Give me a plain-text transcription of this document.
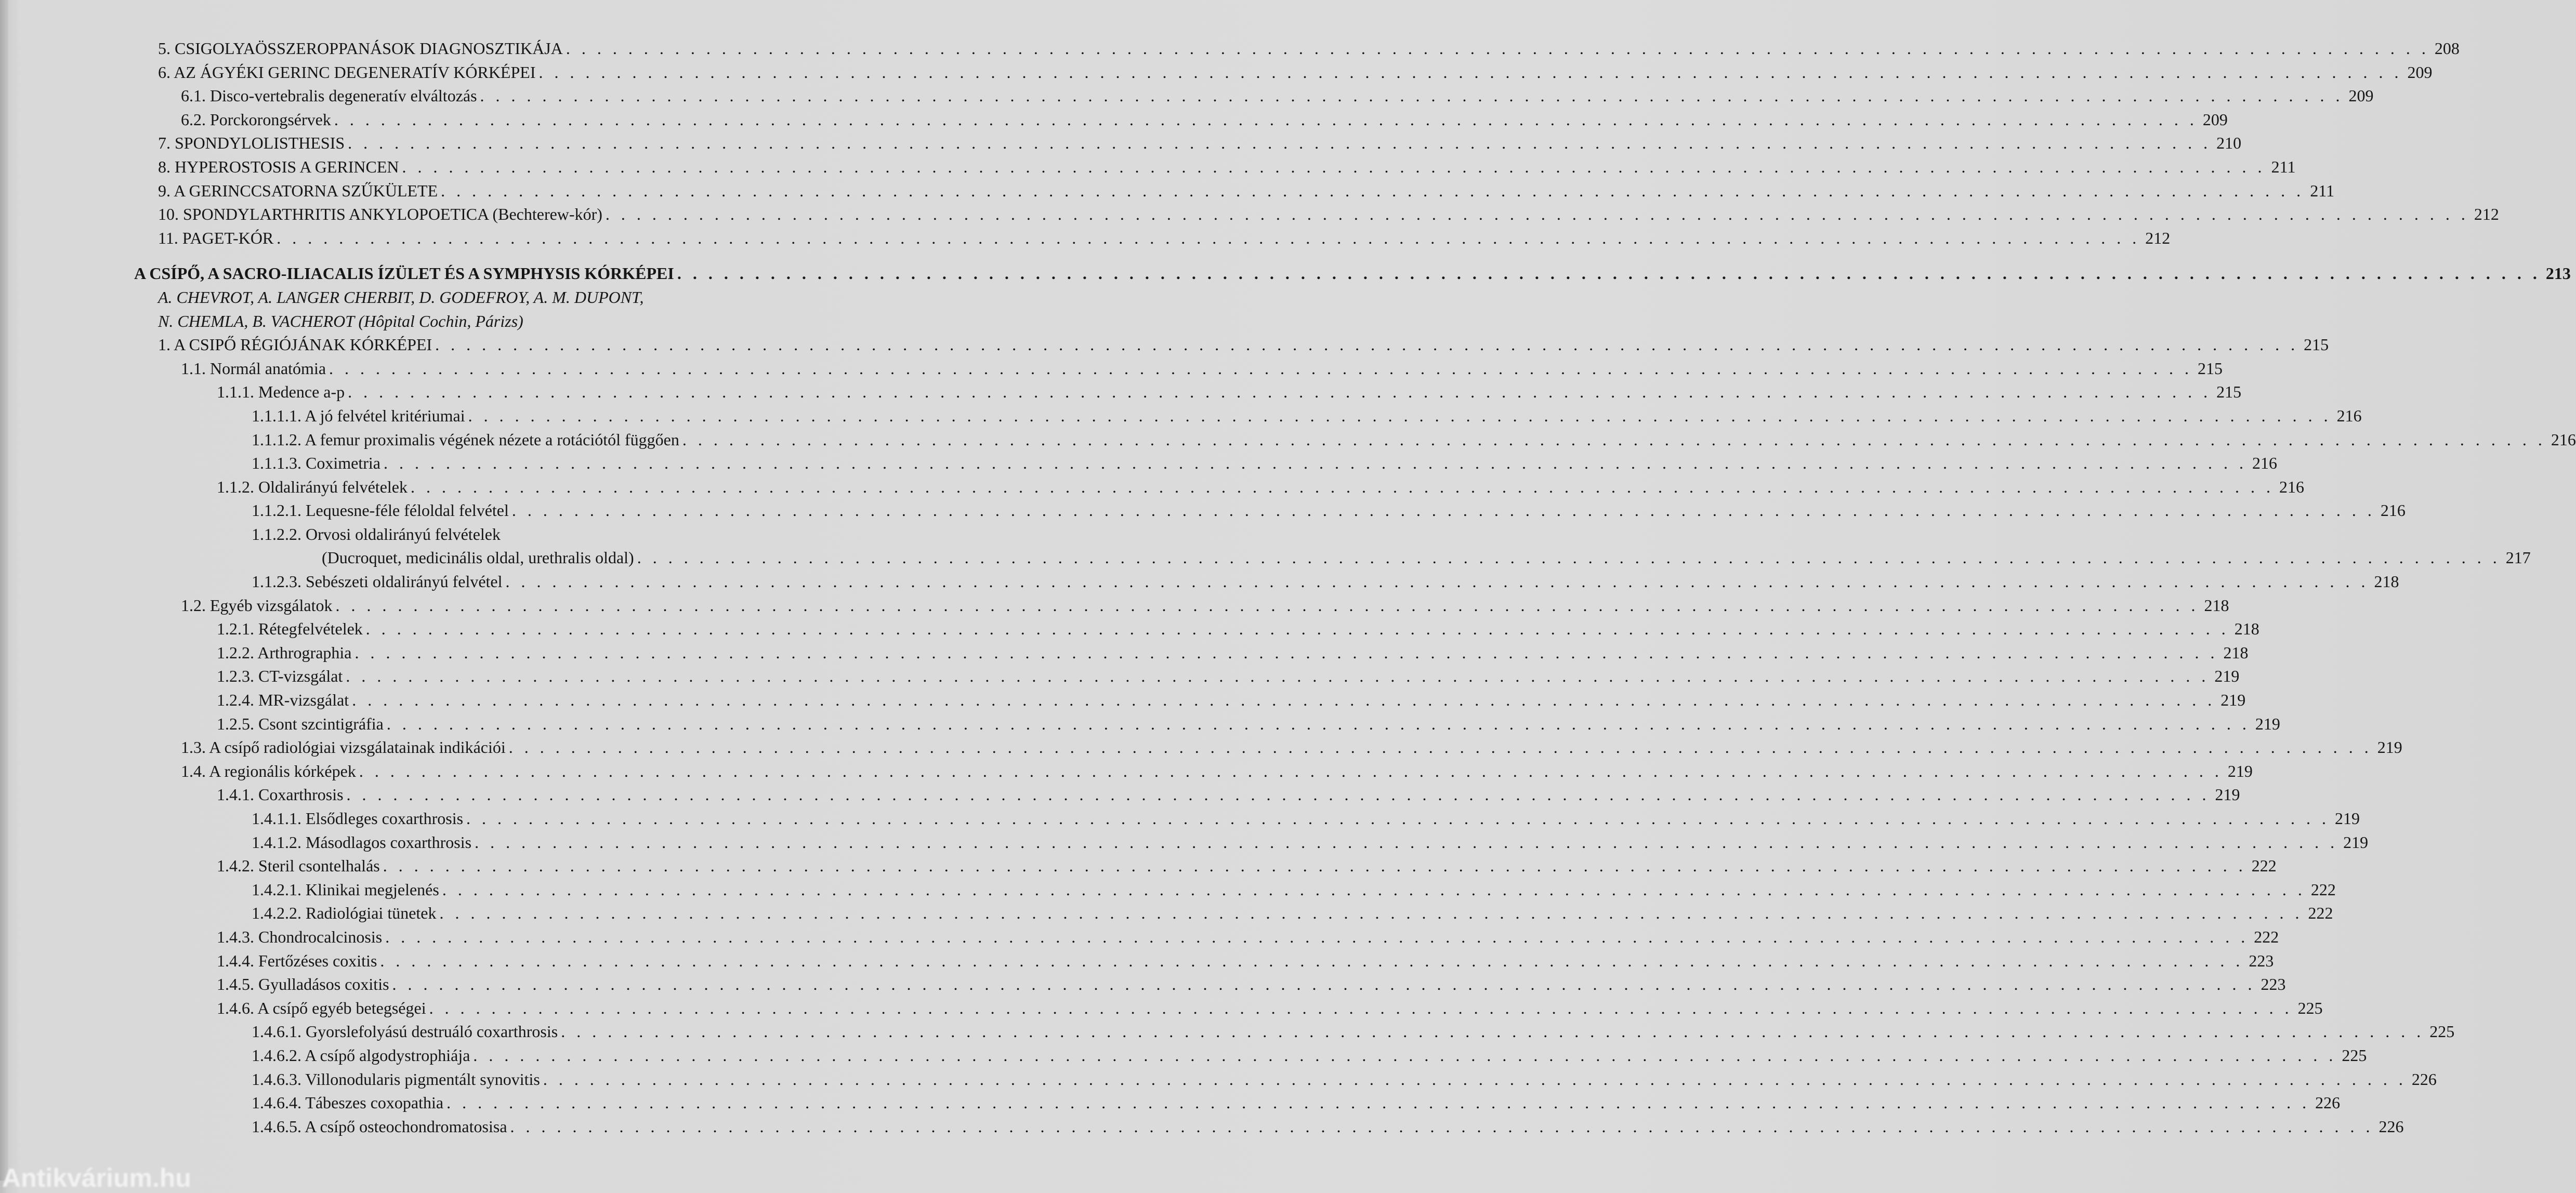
5. CSIGOLYAÖSSZEROPPANÁSOK DIAGNOSZTIKÁJA . . . . . . . . . . . . . . . . . . . . . . . . . . . . . . . . . . . . . . . . . . . . . . . . . . . . . . . . . . . . . . . . . . . . . . . . . . . . . . . . . . . . . . . . . . . . . . . . . . . . . . . . . . . . . . . . . . . . . . . . 208
6. AZ ÁGYÉKI GERINC DEGENERATÍV KÓRKÉPEI . . . . . . . . . . . . . . . . . . . . . . . . . . . . . . . . . . . . . . . . . . . . . . . . . . . . . . . . . . . . . . . . . . . . . . . . . . . . . . . . . . . . . . . . . . . . . . . . . . . . . . . . . . . . . . . . . . . . . . . . 209
6.1. Disco-vertebralis degeneratív elváltozás . . . . . . . . . . . . . . . . . . . . . . . . . . . . . . . . . . . . . . . . . . . . . . . . . . . . . . . . . . . . . . . . . . . . . . . . . . . . . . . . . . . . . . . . . . . . . . . . . . . . . . . . . . . . . . . . . . . . . . . . 209
6.2. Porckorongsérvek . . . . . . . . . . . . . . . . . . . . . . . . . . . . . . . . . . . . . . . . . . . . . . . . . . . . . . . . . . . . . . . . . . . . . . . . . . . . . . . . . . . . . . . . . . . . . . . . . . . . . . . . . . . . . . . . . . . . . . . . 209
7. SPONDYLOLISTHESIS . . . . . . . . . . . . . . . . . . . . . . . . . . . . . . . . . . . . . . . . . . . . . . . . . . . . . . . . . . . . . . . . . . . . . . . . . . . . . . . . . . . . . . . . . . . . . . . . . . . . . . . . . . . . . . . . . . . . . . . . 210
8. HYPEROSTOSIS A GERINCEN . . . . . . . . . . . . . . . . . . . . . . . . . . . . . . . . . . . . . . . . . . . . . . . . . . . . . . . . . . . . . . . . . . . . . . . . . . . . . . . . . . . . . . . . . . . . . . . . . . . . . . . . . . . . . . . . . . . . . . . . 211
9. A GERINCCSATORNA SZŰKÜLETE . . . . . . . . . . . . . . . . . . . . . . . . . . . . . . . . . . . . . . . . . . . . . . . . . . . . . . . . . . . . . . . . . . . . . . . . . . . . . . . . . . . . . . . . . . . . . . . . . . . . . . . . . . . . . . . . . . . . . . . . 211
10. SPONDYLARTHRITIS ANKYLOPOETICA (Bechterew-kór) . . . . . . . . . . . . . . . . . . . . . . . . . . . . . . . . . . . . . . . . . . . . . . . . . . . . . . . . . . . . . . . . . . . . . . . . . . . . . . . . . . . . . . . . . . . . . . . . . . . . . . . . . . . . . . . . . . . . . . . . 212
11. PAGET-KÓR . . . . . . . . . . . . . . . . . . . . . . . . . . . . . . . . . . . . . . . . . . . . . . . . . . . . . . . . . . . . . . . . . . . . . . . . . . . . . . . . . . . . . . . . . . . . . . . . . . . . . . . . . . . . . . . . . . . . . . . . 212
A CSÍPŐ, A SACRO-ILIACALIS ÍZÜLET ÉS A SYMPHYSIS KÓRKÉPEI . . . . . . . . . . . . . . . . . . . . . . . . . . . . . . . . . . . . . . . . . . . . . . . . . . . . . . . . . . . . . . . . . . . . . . . . . . . . . . . . . . . . . . . . . . . . . . . . . . . . . . . . . . . . . . . . . . . . . . . . 213
A. CHEVROT, A. LANGER CHERBIT, D. GODEFROY, A. M. DUPONT,
N. CHEMLA, B. VACHEROT (Hôpital Cochin, Párizs)
1. A CSIPŐ RÉGIÓJÁNAK KÓRKÉPEI . . . . . . . . . . . . . . . . . . . . . . . . . . . . . . . . . . . . . . . . . . . . . . . . . . . . . . . . . . . . . . . . . . . . . . . . . . . . . . . . . . . . . . . . . . . . . . . . . . . . . . . . . . . . . . . . . . . . . . . . 215
1.1. Normál anatómia . . . . . . . . . . . . . . . . . . . . . . . . . . . . . . . . . . . . . . . . . . . . . . . . . . . . . . . . . . . . . . . . . . . . . . . . . . . . . . . . . . . . . . . . . . . . . . . . . . . . . . . . . . . . . . . . . . . . . . . . 215
1.1.1. Medence a-p . . . . . . . . . . . . . . . . . . . . . . . . . . . . . . . . . . . . . . . . . . . . . . . . . . . . . . . . . . . . . . . . . . . . . . . . . . . . . . . . . . . . . . . . . . . . . . . . . . . . . . . . . . . . . . . . . . . . . . . . 215
1.1.1.1. A jó felvétel kritériumai . . . . . . . . . . . . . . . . . . . . . . . . . . . . . . . . . . . . . . . . . . . . . . . . . . . . . . . . . . . . . . . . . . . . . . . . . . . . . . . . . . . . . . . . . . . . . . . . . . . . . . . . . . . . . . . . . . . . . . . . 216
1.1.1.2. A femur proximalis végének nézete a rotációtól függően . . . . . . . . . . . . . . . . . . . . . . . . . . . . . . . . . . . . . . . . . . . . . . . . . . . . . . . . . . . . . . . . . . . . . . . . . . . . . . . . . . . . . . . . . . . . . . . . . . . . . . . . . . . . . . . . . . . . . . . . 216
1.1.1.3. Coximetria . . . . . . . . . . . . . . . . . . . . . . . . . . . . . . . . . . . . . . . . . . . . . . . . . . . . . . . . . . . . . . . . . . . . . . . . . . . . . . . . . . . . . . . . . . . . . . . . . . . . . . . . . . . . . . . . . . . . . . . . 216
1.1.2. Oldalirányú felvételek . . . . . . . . . . . . . . . . . . . . . . . . . . . . . . . . . . . . . . . . . . . . . . . . . . . . . . . . . . . . . . . . . . . . . . . . . . . . . . . . . . . . . . . . . . . . . . . . . . . . . . . . . . . . . . . . . . . . . . . . 216
1.1.2.1. Lequesne-féle féloldal felvétel . . . . . . . . . . . . . . . . . . . . . . . . . . . . . . . . . . . . . . . . . . . . . . . . . . . . . . . . . . . . . . . . . . . . . . . . . . . . . . . . . . . . . . . . . . . . . . . . . . . . . . . . . . . . . . . . . . . . . . . . 216
1.1.2.2. Orvosi oldalirányú felvételek
(Ducroquet, medicinális oldal, urethralis oldal) . . . . . . . . . . . . . . . . . . . . . . . . . . . . . . . . . . . . . . . . . . . . . . . . . . . . . . . . . . . . . . . . . . . . . . . . . . . . . . . . . . . . . . . . . . . . . . . . . . . . . . . . . . . . . . . . . . . . . . . . 217
1.1.2.3. Sebészeti oldalirányú felvétel . . . . . . . . . . . . . . . . . . . . . . . . . . . . . . . . . . . . . . . . . . . . . . . . . . . . . . . . . . . . . . . . . . . . . . . . . . . . . . . . . . . . . . . . . . . . . . . . . . . . . . . . . . . . . . . . . . . . . . . . 218
1.2. Egyéb vizsgálatok . . . . . . . . . . . . . . . . . . . . . . . . . . . . . . . . . . . . . . . . . . . . . . . . . . . . . . . . . . . . . . . . . . . . . . . . . . . . . . . . . . . . . . . . . . . . . . . . . . . . . . . . . . . . . . . . . . . . . . . . 218
1.2.1. Rétegfelvételek . . . . . . . . . . . . . . . . . . . . . . . . . . . . . . . . . . . . . . . . . . . . . . . . . . . . . . . . . . . . . . . . . . . . . . . . . . . . . . . . . . . . . . . . . . . . . . . . . . . . . . . . . . . . . . . . . . . . . . . . 218
1.2.2. Arthrographia . . . . . . . . . . . . . . . . . . . . . . . . . . . . . . . . . . . . . . . . . . . . . . . . . . . . . . . . . . . . . . . . . . . . . . . . . . . . . . . . . . . . . . . . . . . . . . . . . . . . . . . . . . . . . . . . . . . . . . . . 218
1.2.3. CT-vizsgálat . . . . . . . . . . . . . . . . . . . . . . . . . . . . . . . . . . . . . . . . . . . . . . . . . . . . . . . . . . . . . . . . . . . . . . . . . . . . . . . . . . . . . . . . . . . . . . . . . . . . . . . . . . . . . . . . . . . . . . . . 219
1.2.4. MR-vizsgálat . . . . . . . . . . . . . . . . . . . . . . . . . . . . . . . . . . . . . . . . . . . . . . . . . . . . . . . . . . . . . . . . . . . . . . . . . . . . . . . . . . . . . . . . . . . . . . . . . . . . . . . . . . . . . . . . . . . . . . . . 219
1.2.5. Csont szcintigráfia . . . . . . . . . . . . . . . . . . . . . . . . . . . . . . . . . . . . . . . . . . . . . . . . . . . . . . . . . . . . . . . . . . . . . . . . . . . . . . . . . . . . . . . . . . . . . . . . . . . . . . . . . . . . . . . . . . . . . . . . 219
1.3. A csípő radiológiai vizsgálatainak indikációi . . . . . . . . . . . . . . . . . . . . . . . . . . . . . . . . . . . . . . . . . . . . . . . . . . . . . . . . . . . . . . . . . . . . . . . . . . . . . . . . . . . . . . . . . . . . . . . . . . . . . . . . . . . . . . . . . . . . . . . . 219
1.4. A regionális kórképek . . . . . . . . . . . . . . . . . . . . . . . . . . . . . . . . . . . . . . . . . . . . . . . . . . . . . . . . . . . . . . . . . . . . . . . . . . . . . . . . . . . . . . . . . . . . . . . . . . . . . . . . . . . . . . . . . . . . . . . . 219
1.4.1. Coxarthrosis . . . . . . . . . . . . . . . . . . . . . . . . . . . . . . . . . . . . . . . . . . . . . . . . . . . . . . . . . . . . . . . . . . . . . . . . . . . . . . . . . . . . . . . . . . . . . . . . . . . . . . . . . . . . . . . . . . . . . . . . 219
1.4.1.1. Elsődleges coxarthrosis . . . . . . . . . . . . . . . . . . . . . . . . . . . . . . . . . . . . . . . . . . . . . . . . . . . . . . . . . . . . . . . . . . . . . . . . . . . . . . . . . . . . . . . . . . . . . . . . . . . . . . . . . . . . . . . . . . . . . . . . 219
1.4.1.2. Másodlagos coxarthrosis . . . . . . . . . . . . . . . . . . . . . . . . . . . . . . . . . . . . . . . . . . . . . . . . . . . . . . . . . . . . . . . . . . . . . . . . . . . . . . . . . . . . . . . . . . . . . . . . . . . . . . . . . . . . . . . . . . . . . . . . 219
1.4.2. Steril csontelhalás . . . . . . . . . . . . . . . . . . . . . . . . . . . . . . . . . . . . . . . . . . . . . . . . . . . . . . . . . . . . . . . . . . . . . . . . . . . . . . . . . . . . . . . . . . . . . . . . . . . . . . . . . . . . . . . . . . . . . . . . 222
1.4.2.1. Klinikai megjelenés . . . . . . . . . . . . . . . . . . . . . . . . . . . . . . . . . . . . . . . . . . . . . . . . . . . . . . . . . . . . . . . . . . . . . . . . . . . . . . . . . . . . . . . . . . . . . . . . . . . . . . . . . . . . . . . . . . . . . . . . 222
1.4.2.2. Radiológiai tünetek . . . . . . . . . . . . . . . . . . . . . . . . . . . . . . . . . . . . . . . . . . . . . . . . . . . . . . . . . . . . . . . . . . . . . . . . . . . . . . . . . . . . . . . . . . . . . . . . . . . . . . . . . . . . . . . . . . . . . . . . 222
1.4.3. Chondrocalcinosis . . . . . . . . . . . . . . . . . . . . . . . . . . . . . . . . . . . . . . . . . . . . . . . . . . . . . . . . . . . . . . . . . . . . . . . . . . . . . . . . . . . . . . . . . . . . . . . . . . . . . . . . . . . . . . . . . . . . . . . . 222
1.4.4. Fertőzéses coxitis . . . . . . . . . . . . . . . . . . . . . . . . . . . . . . . . . . . . . . . . . . . . . . . . . . . . . . . . . . . . . . . . . . . . . . . . . . . . . . . . . . . . . . . . . . . . . . . . . . . . . . . . . . . . . . . . . . . . . . . . 223
1.4.5. Gyulladásos coxitis . . . . . . . . . . . . . . . . . . . . . . . . . . . . . . . . . . . . . . . . . . . . . . . . . . . . . . . . . . . . . . . . . . . . . . . . . . . . . . . . . . . . . . . . . . . . . . . . . . . . . . . . . . . . . . . . . . . . . . . . 223
1.4.6. A csípő egyéb betegségei . . . . . . . . . . . . . . . . . . . . . . . . . . . . . . . . . . . . . . . . . . . . . . . . . . . . . . . . . . . . . . . . . . . . . . . . . . . . . . . . . . . . . . . . . . . . . . . . . . . . . . . . . . . . . . . . . . . . . . . . 225
1.4.6.1. Gyorslefolyású destruáló coxarthrosis . . . . . . . . . . . . . . . . . . . . . . . . . . . . . . . . . . . . . . . . . . . . . . . . . . . . . . . . . . . . . . . . . . . . . . . . . . . . . . . . . . . . . . . . . . . . . . . . . . . . . . . . . . . . . . . . . . . . . . . . 225
1.4.6.2. A csípő algodystrophiája . . . . . . . . . . . . . . . . . . . . . . . . . . . . . . . . . . . . . . . . . . . . . . . . . . . . . . . . . . . . . . . . . . . . . . . . . . . . . . . . . . . . . . . . . . . . . . . . . . . . . . . . . . . . . . . . . . . . . . . . 225
1.4.6.3. Villonodularis pigmentált synovitis . . . . . . . . . . . . . . . . . . . . . . . . . . . . . . . . . . . . . . . . . . . . . . . . . . . . . . . . . . . . . . . . . . . . . . . . . . . . . . . . . . . . . . . . . . . . . . . . . . . . . . . . . . . . . . . . . . . . . . . . 226
1.4.6.4. Tábeszes coxopathia . . . . . . . . . . . . . . . . . . . . . . . . . . . . . . . . . . . . . . . . . . . . . . . . . . . . . . . . . . . . . . . . . . . . . . . . . . . . . . . . . . . . . . . . . . . . . . . . . . . . . . . . . . . . . . . . . . . . . . . . 226
1.4.6.5. A csípő osteochondromatosisa . . . . . . . . . . . . . . . . . . . . . . . . . . . . . . . . . . . . . . . . . . . . . . . . . . . . . . . . . . . . . . . . . . . . . . . . . . . . . . . . . . . . . . . . . . . . . . . . . . . . . . . . . . . . . . . . . . . . . . . . 226
Antikvárium.hu
